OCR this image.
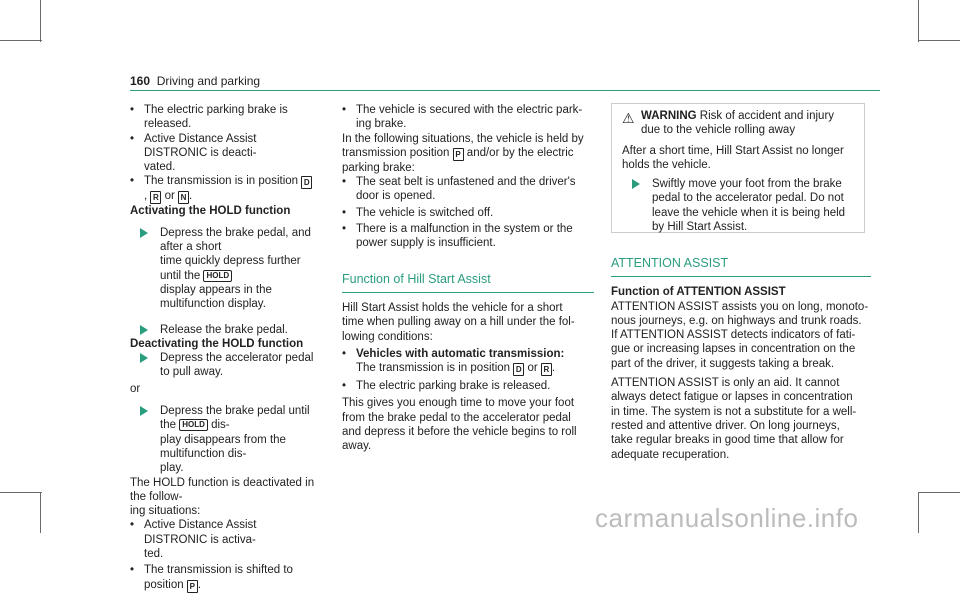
160 Driving and parking

• The electric parking brake is released.

• Active Distance Assist DISTRONIC is deacti-
vated.

• The transmission is in position D, R or N .

Activating the HOLD function

Depress the brake pedal, and after a short
time quickly depress further until the HOLD
display appears in the multifunction display.

Release the brake pedal.

Deactivating the HOLD function

Depress the accelerator pedal to pull away.

or

Depress the brake pedal until the HOLD dis-
play disappears from the multifunction dis-
play.

The HOLD function is deactivated in the follow-
ing situations:

• Active Distance Assist DISTRONIC is activa-
ted.

• The transmission is shifted to position P .

• The vehicle is secured with the electric park-
ing brake.

In the following situations, the vehicle is held by
transmission position P and/or by the electric
parking brake:

• The seat belt is unfastened and the driver's
door is opened.

• The vehicle is switched off.

• There is a malfunction in the system or the
power supply is insufficient.

Function of Hill Start Assist

Hill Start Assist holds the vehicle for a short
time when pulling away on a hill under the fol-
lowing conditions:

• Vehicles with automatic transmission:
The transmission is in position D or R .

• The electric parking brake is released.

This gives you enough time to move your foot
from the brake pedal to the accelerator pedal
and depress it before the vehicle begins to roll
away.

⚠ WARNING Risk of accident and injury
due to the vehicle rolling away

After a short time, Hill Start Assist no longer
holds the vehicle.

Swiftly move your foot from the brake
pedal to the accelerator pedal. Do not
leave the vehicle when it is being held
by Hill Start Assist.

ATTENTION ASSIST

Function of ATTENTION ASSIST

ATTENTION ASSIST assists you on long, monoto-
nous journeys, e.g. on highways and trunk roads.
If ATTENTION ASSIST detects indicators of fati-
gue or increasing lapses in concentration on the
part of the driver, it suggests taking a break.

ATTENTION ASSIST is only an aid. It cannot
always detect fatigue or lapses in concentration
in time. The system is not a substitute for a well-
rested and attentive driver. On long journeys,
take regular breaks in good time that allow for
adequate recuperation.

carmanualsonline.info
